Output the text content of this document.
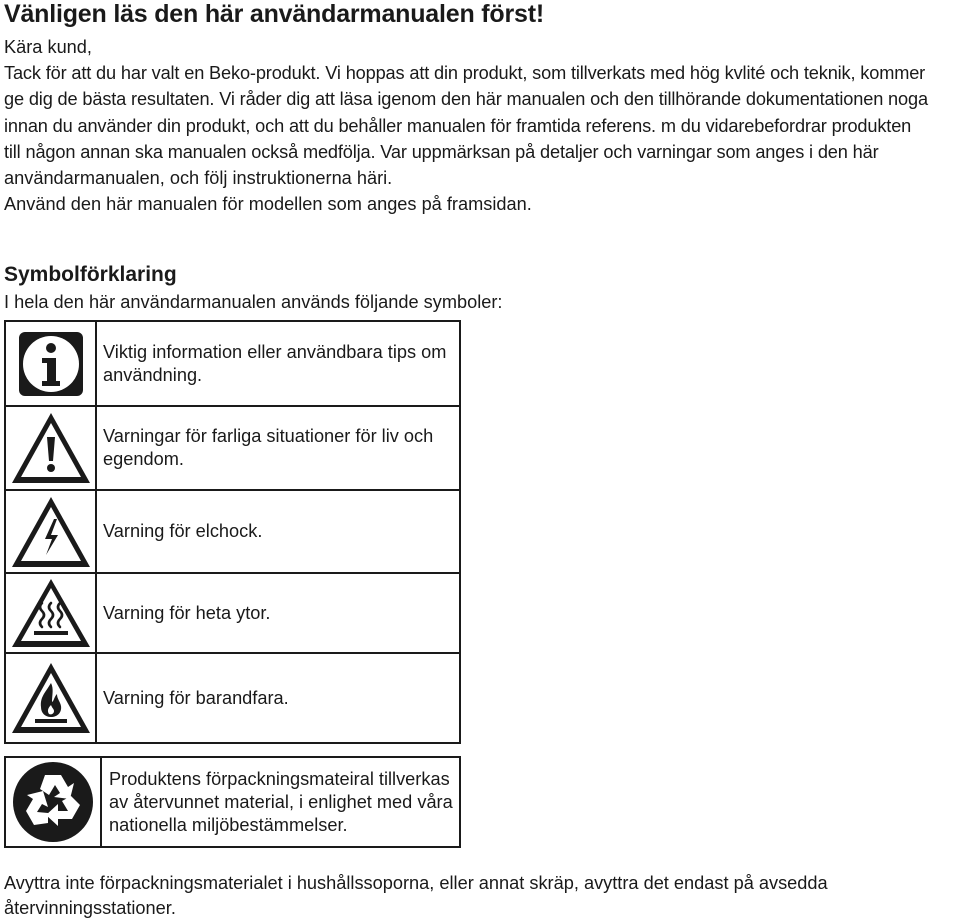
Vänligen läs den här användarmanualen först!

Kära kund,

Tack för att du har valt en Beko-produkt. Vi hoppas att din produkt, som tillverkats med hög kvlité och teknik, kommer

ge dig de bästa resultaten. Vi råder dig att läsa igenom den här manualen och den tillhörande dokumentationen noga

innan du använder din produkt, och att du behåller manualen för framtida referens. m du vidarebefordrar produkten

till någon annan ska manualen också medfölja. Var uppmärksan på detaljer och varningar som anges i den här

användarmanualen, och följ instruktionerna häri.

Använd den här manualen för modellen som anges på framsidan.

Symbolförklaring

I hela den här användarmanualen används följande symboler:

Viktig information eller användbara tips om
användning.
Varningar för farliga situationer för liv och
egendom.
Varning för elchock.
Varning för heta ytor.
Varning för barandfara.
Produktens förpackningsmateiral tillverkas
av återvunnet material, i enlighet med våra
nationella miljöbestämmelser.
Avyttra inte förpackningsmaterialet i hushållssoporna, eller annat skräp, avyttra det endast på avsedda
återvinningsstationer.
